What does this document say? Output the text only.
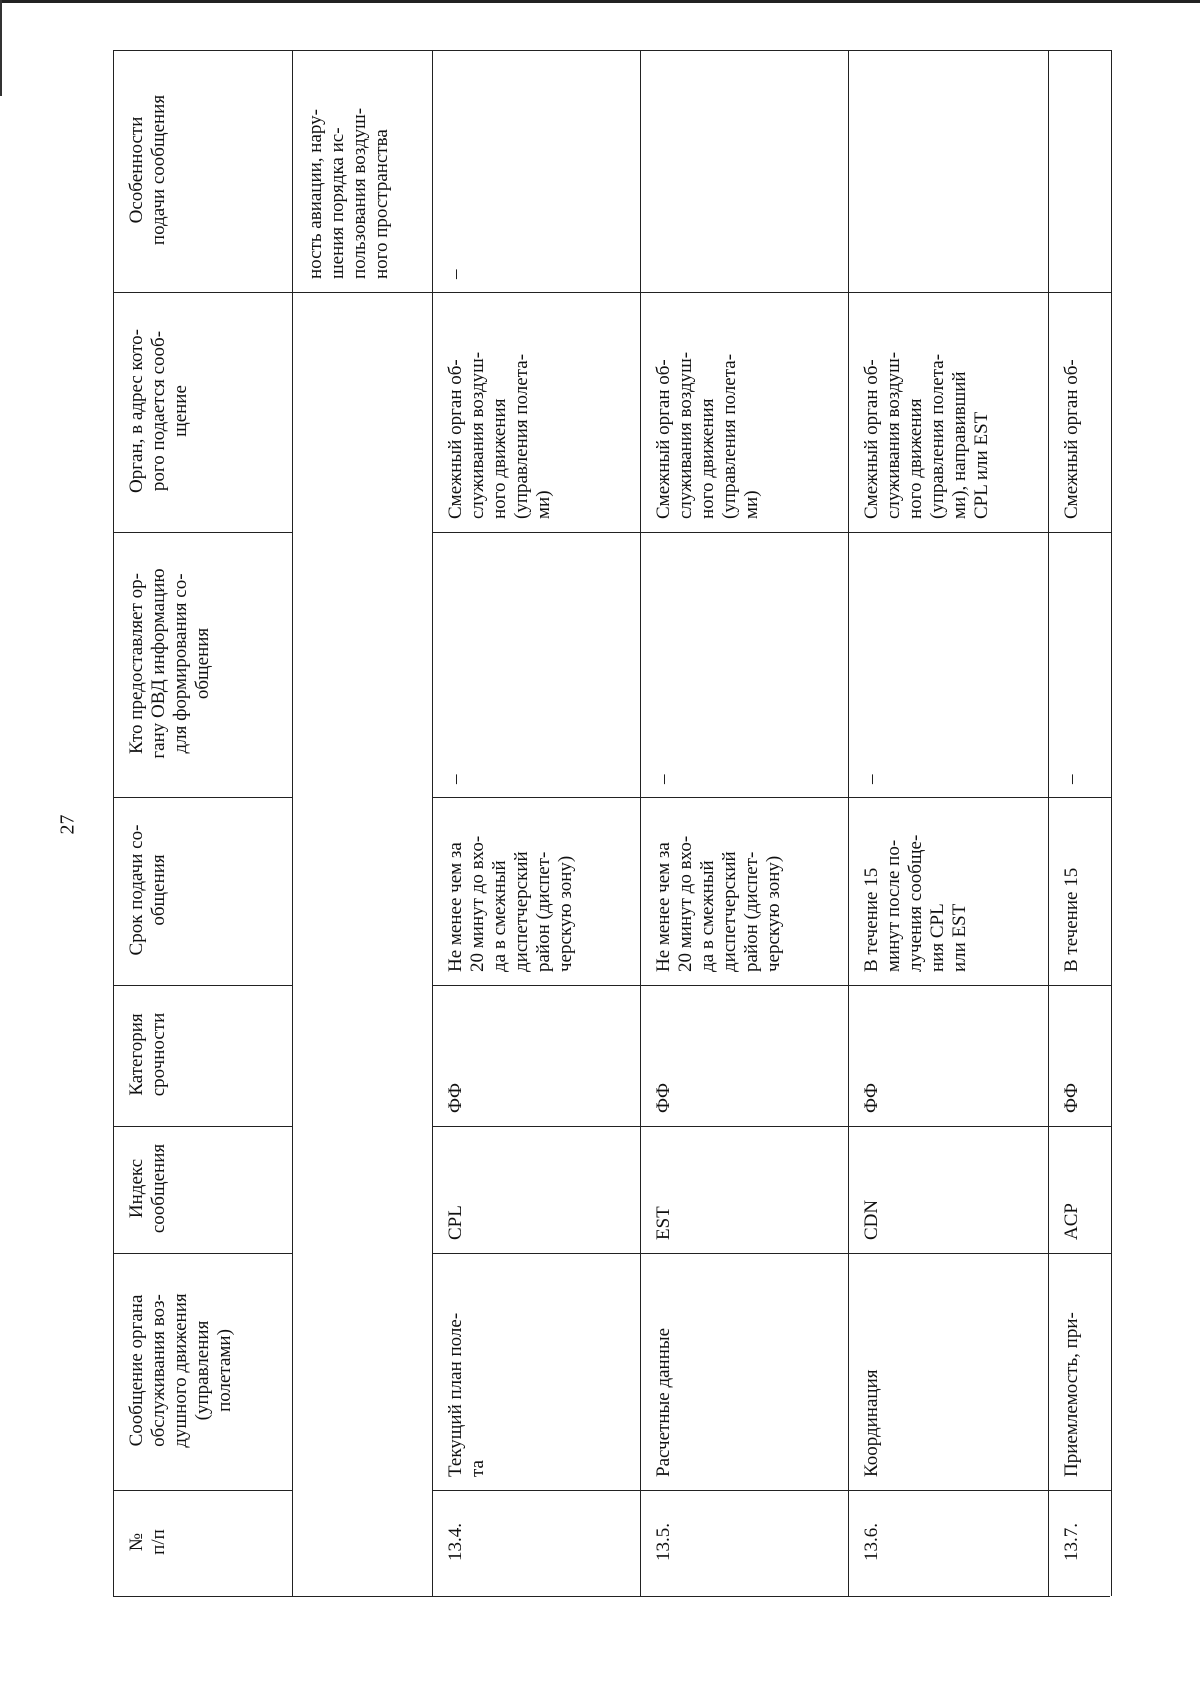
27
№
п/п
Сообщение органа
обслуживания воз-
душного движения
(управления
полетами)
Индекс
сообщения
Категория
срочности
Срок подачи со-
общения
Кто предоставляет ор-
гану ОВД информацию
для формирования со-
общения
Орган, в адрес кото-
рого подается сооб-
щение
Особенности
подачи сообщения
ность авиации, нару-
шения порядка ис-
пользования воздуш-
ного пространства
13.4.
Текущий план поле-
та
CPL
ФФ
Не менее чем за
20 минут до вхо-
да в смежный
диспетчерский
район (диспет-
черскую зону)
–
Смежный орган об-
служивания воздуш-
ного движения
(управления полета-
ми)
–
13.5.
Расчетные данные
EST
ФФ
Не менее чем за
20 минут до вхо-
да в смежный
диспетчерский
район (диспет-
черскую зону)
–
Смежный орган об-
служивания воздуш-
ного движения
(управления полета-
ми)
13.6.
Координация
CDN
ФФ
В течение 15
минут после по-
лучения сообще-
ния CPL
или EST
–
Смежный орган об-
служивания воздуш-
ного движения
(управления полета-
ми), направивший
CPL или EST
13.7.
Приемлемость, при-
ACP
ФФ
В течение 15
–
Смежный орган об-
